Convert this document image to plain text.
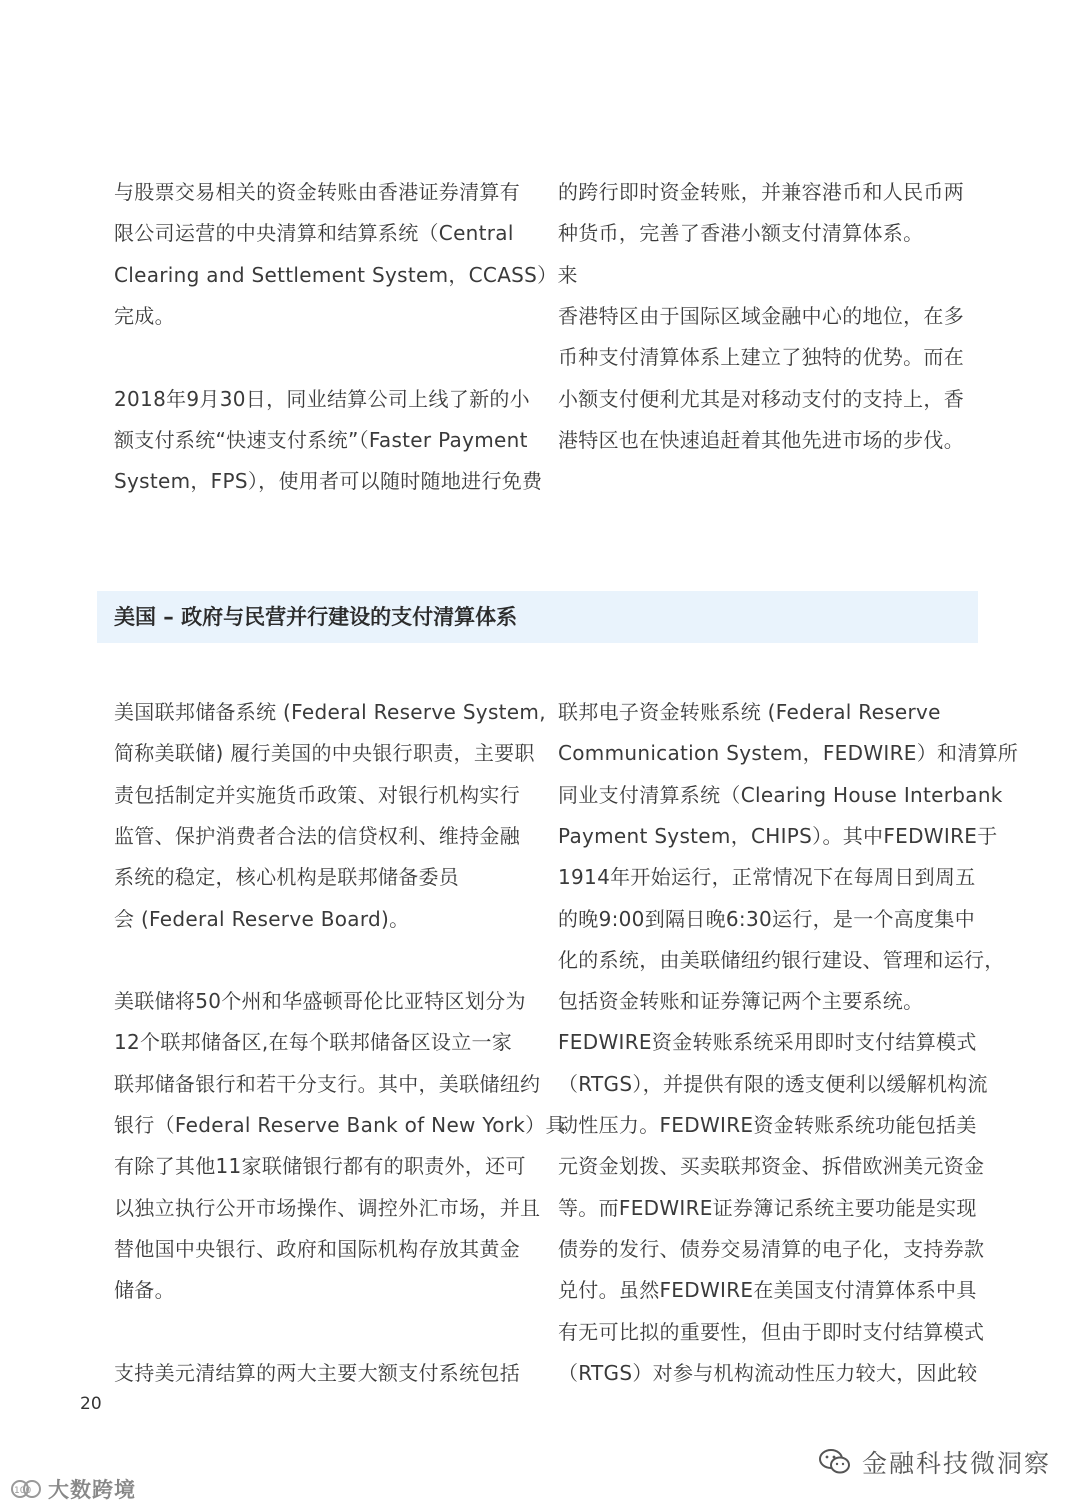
与股票交易相关的资金转账由香港证券清算有
限公司运营的中央清算和结算系统（Central
Clearing and Settlement System，CCASS）来
完成。
2018年9月30日，同业结算公司上线了新的小
额支付系统“快速支付系统”（Faster Payment
System，FPS），使用者可以随时随地进行免费
的跨行即时资金转账，并兼容港币和人民币两
种货币，完善了香港小额支付清算体系。
香港特区由于国际区域金融中心的地位，在多
币种支付清算体系上建立了独特的优势。而在
小额支付便利尤其是对移动支付的支持上，香
港特区也在快速追赶着其他先进市场的步伐。
美国 – 政府与民营并行建设的支付清算体系
美国联邦储备系统 (Federal Reserve System,
简称美联储) 履行美国的中央银行职责，主要职
责包括制定并实施货币政策、对银行机构实行
监管、保护消费者合法的信贷权利、维持金融
系统的稳定，核心机构是联邦储备委员
会 (Federal Reserve Board)。
美联储将50个州和华盛顿哥伦比亚特区划分为
12个联邦储备区,在每个联邦储备区设立一家
联邦储备银行和若干分支行。其中，美联储纽约
银行（Federal Reserve Bank of New York）具
有除了其他11家联储银行都有的职责外，还可
以独立执行公开市场操作、调控外汇市场，并且
替他国中央银行、政府和国际机构存放其黄金
储备。
支持美元清结算的两大主要大额支付系统包括
联邦电子资金转账系统 (Federal Reserve
Communication System，FEDWIRE）和清算所
同业支付清算系统（Clearing House Interbank
Payment System，CHIPS）。其中FEDWIRE于
1914年开始运行，正常情况下在每周日到周五
的晚9:00到隔日晚6:30运行，是一个高度集中
化的系统，由美联储纽约银行建设、管理和运行，
包括资金转账和证券簿记两个主要系统。
FEDWIRE资金转账系统采用即时支付结算模式
（RTGS），并提供有限的透支便利以缓解机构流
动性压力。FEDWIRE资金转账系统功能包括美
元资金划拨、买卖联邦资金、拆借欧洲美元资金
等。而FEDWIRE证券簿记系统主要功能是实现
债券的发行、债券交易清算的电子化，支持券款
兑付。虽然FEDWIRE在美国支付清算体系中具
有无可比拟的重要性，但由于即时支付结算模式
（RTGS）对参与机构流动性压力较大，因此较
20
金融科技微洞察
100 大数跨境
